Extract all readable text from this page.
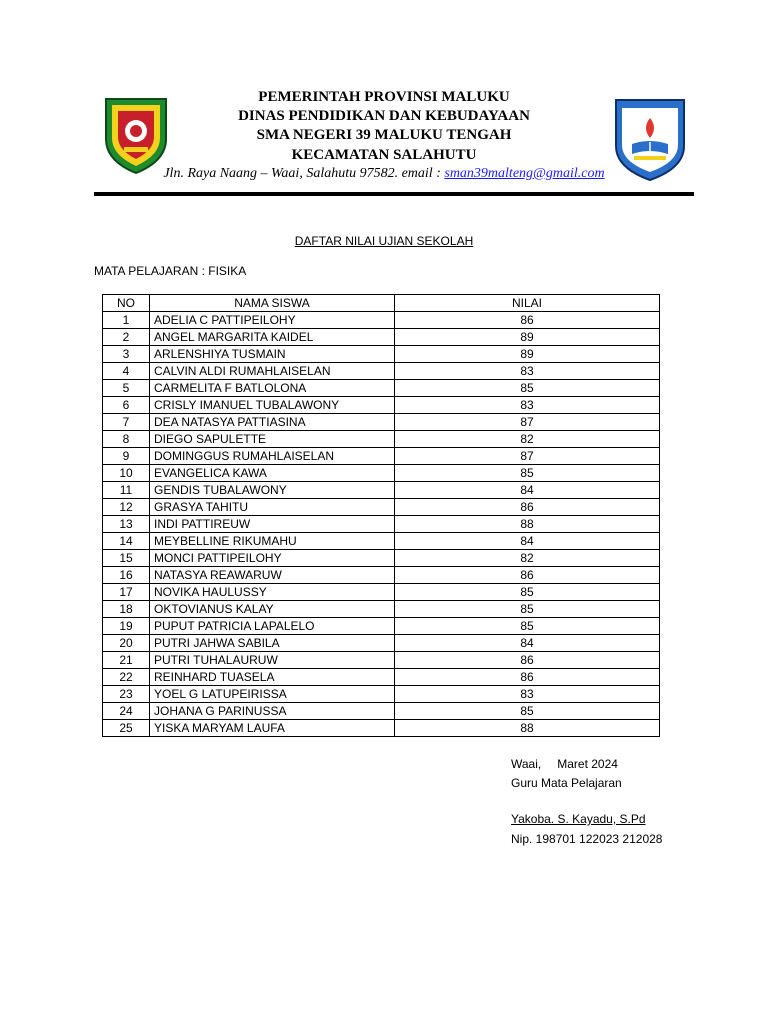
PEMERINTAH PROVINSI MALUKU
DINAS PENDIDIKAN DAN KEBUDAYAAN
SMA NEGERI 39 MALUKU TENGAH
KECAMATAN SALAHUTU
Jln. Raya Naang – Waai, Salahutu 97582. email : sman39malteng@gmail.com
DAFTAR NILAI UJIAN SEKOLAH
MATA PELAJARAN : FISIKA
NO	NAMA SISWA	NILAI
1	ADELIA C PATTIPEILOHY	86
2	ANGEL MARGARITA KAIDEL	89
3	ARLENSHIYA TUSMAIN	89
4	CALVIN ALDI RUMAHLAISELAN	83
5	CARMELITA F BATLOLONA	85
6	CRISLY IMANUEL TUBALAWONY	83
7	DEA NATASYA PATTIASINA	87
8	DIEGO SAPULETTE	82
9	DOMINGGUS RUMAHLAISELAN	87
10	EVANGELICA KAWA	85
11	GENDIS TUBALAWONY	84
12	GRASYA TAHITU	86
13	INDI PATTIREUW	88
14	MEYBELLINE RIKUMAHU	84
15	MONCI PATTIPEILOHY	82
16	NATASYA REAWARUW	86
17	NOVIKA HAULUSSY	85
18	OKTOVIANUS KALAY	85
19	PUPUT PATRICIA LAPALELO	85
20	PUTRI JAHWA SABILA	84
21	PUTRI TUHALAURUW	86
22	REINHARD TUASELA	86
23	YOEL G LATUPEIRISSA	83
24	JOHANA G PARINUSSA	85
25	YISKA MARYAM LAUFA	88
Waai, Maret 2024
Guru Mata Pelajaran
Yakoba. S. Kayadu, S.Pd
Nip. 198701 122023 212028
